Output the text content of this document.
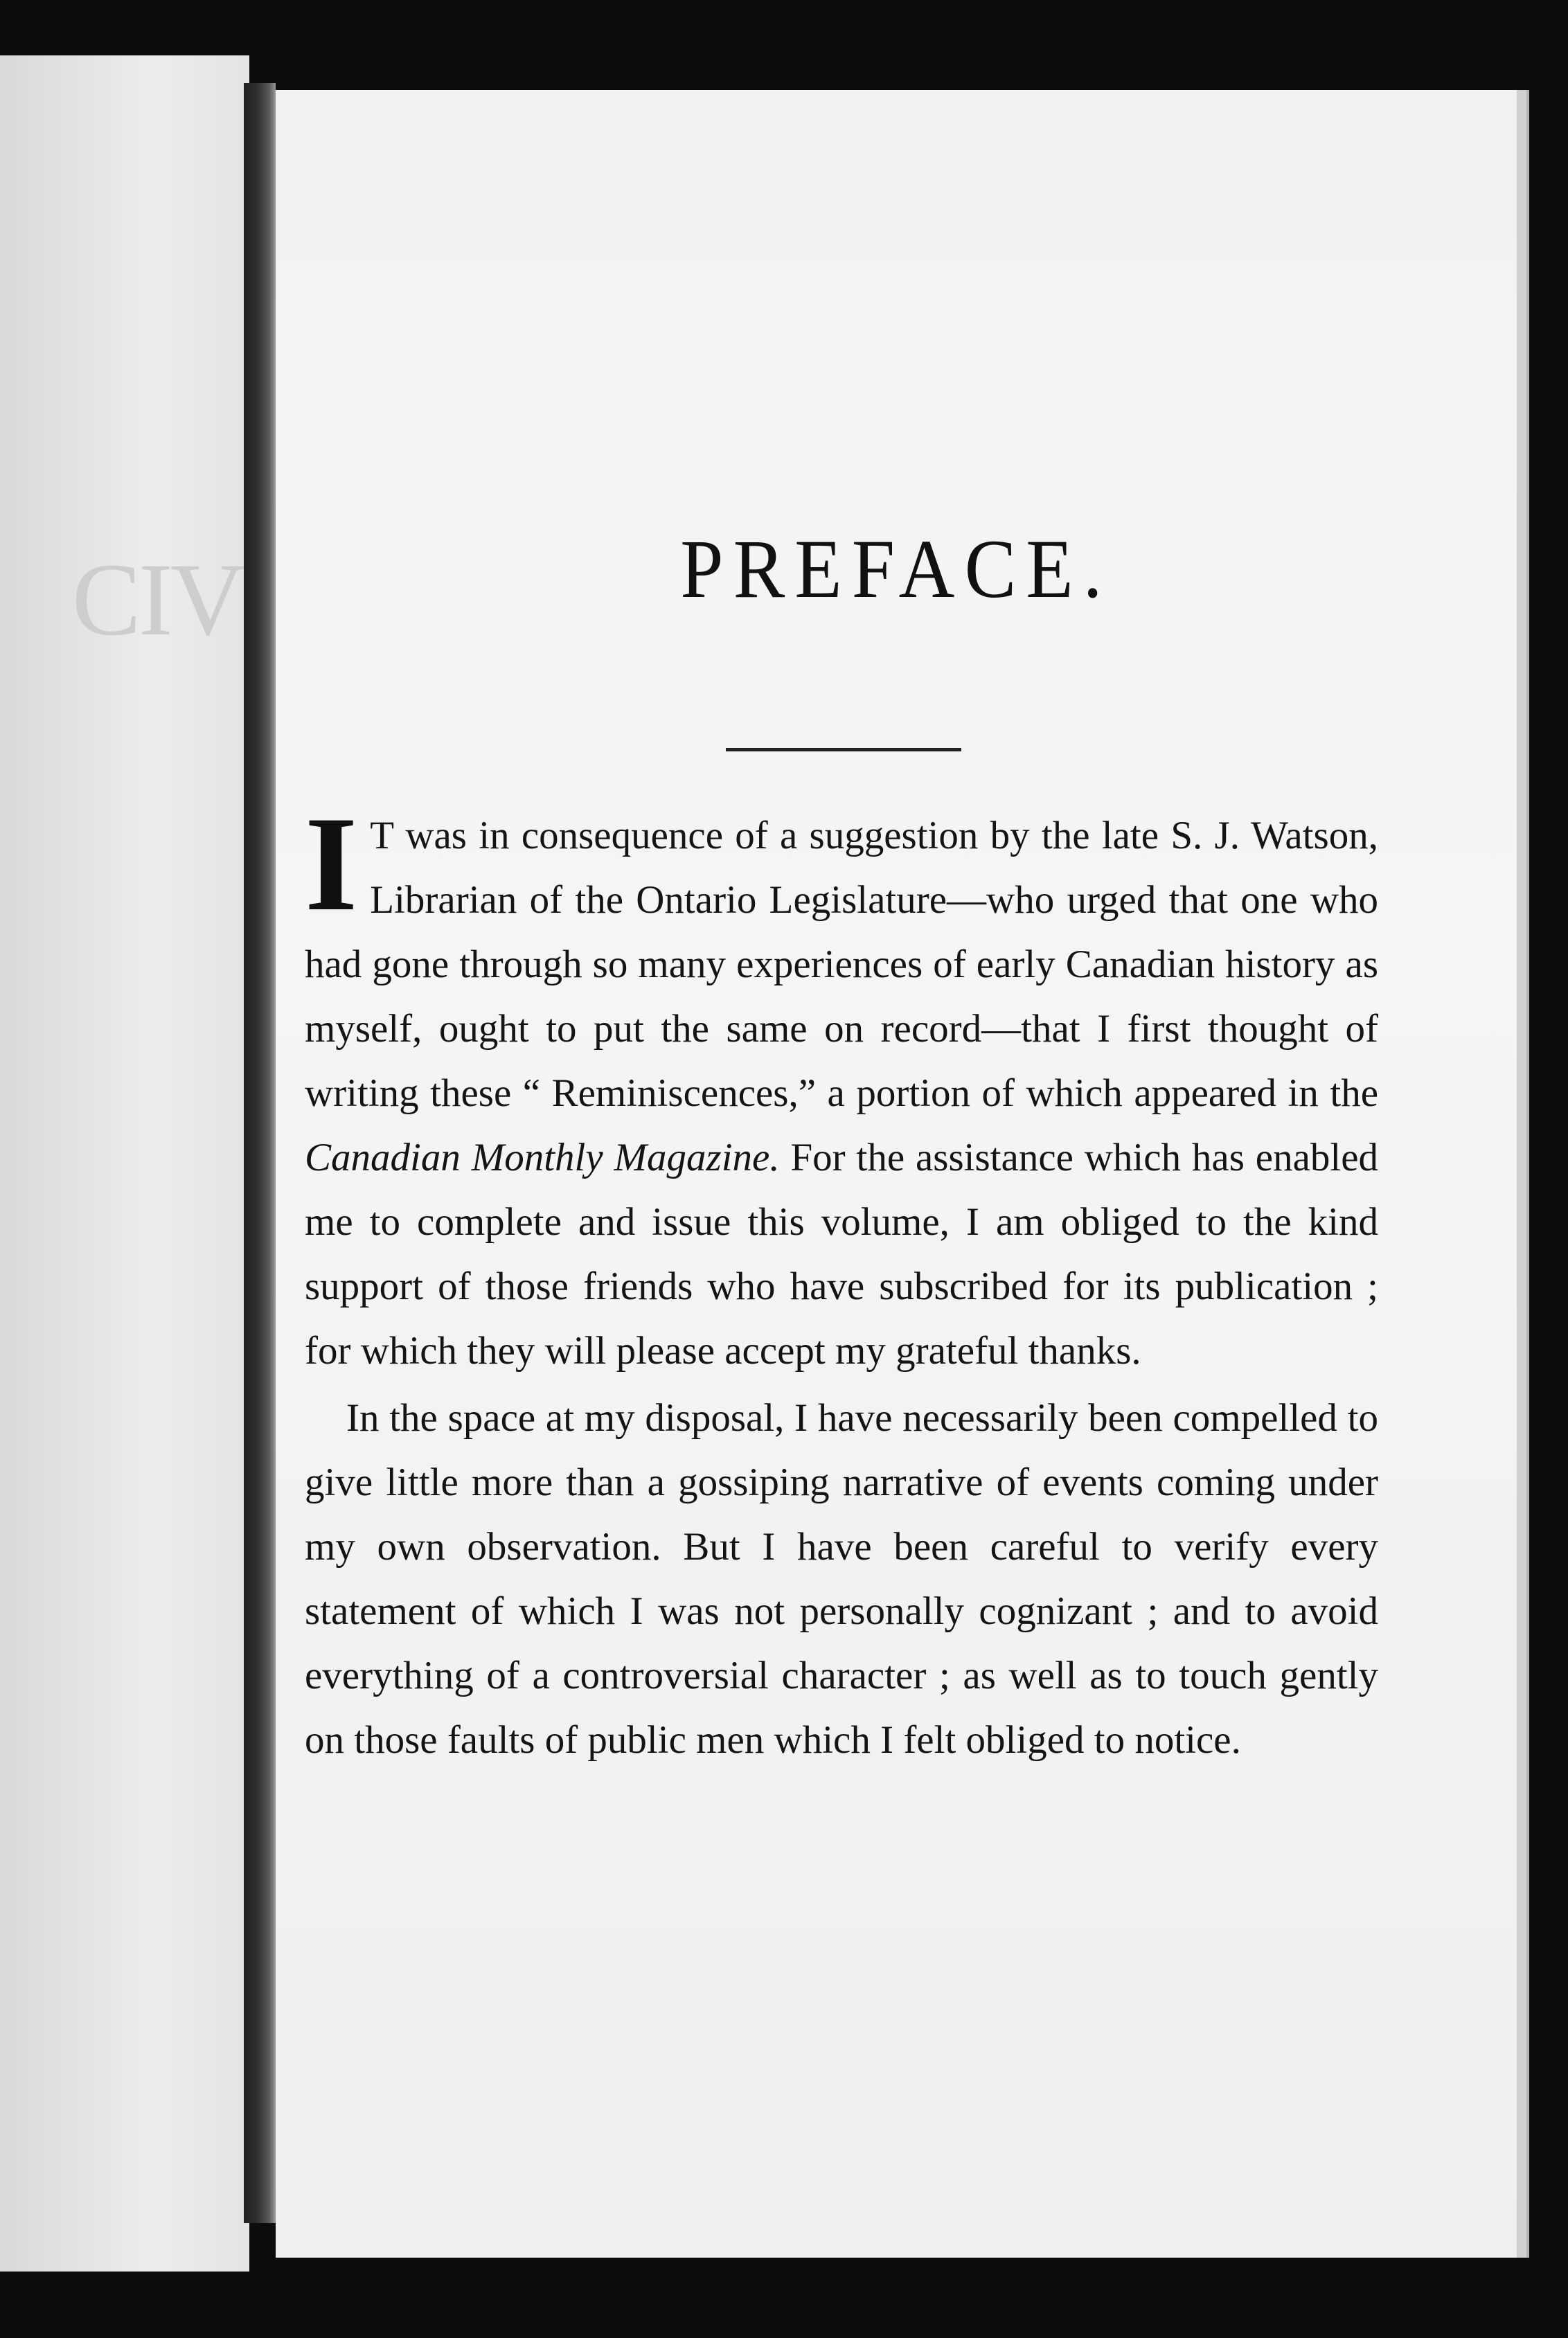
CIV	PREFACE.

I T was in consequence of a suggestion by the late S. J. Watson, Librarian of the Ontario Legislature—who urged that one who had gone through so many experiences of early Canadian history as myself, ought to put the same on record—that I first thought of writing these “ Reminiscences,” a portion of which appeared in the Canadian Monthly Magazine. For the assistance which has enabled me to complete and issue this volume, I am obliged to the kind support of those friends who have subscribed for its publication ; for which they will please accept my grateful thanks.

In the space at my disposal, I have necessarily been compelled to give little more than a gossiping narrative of events coming under my own observation. But I have been careful to verify every statement of which I was not personally cognizant ; and to avoid everything of a controversial character ; as well as to touch gently on those faults of public men which I felt obliged to notice.
